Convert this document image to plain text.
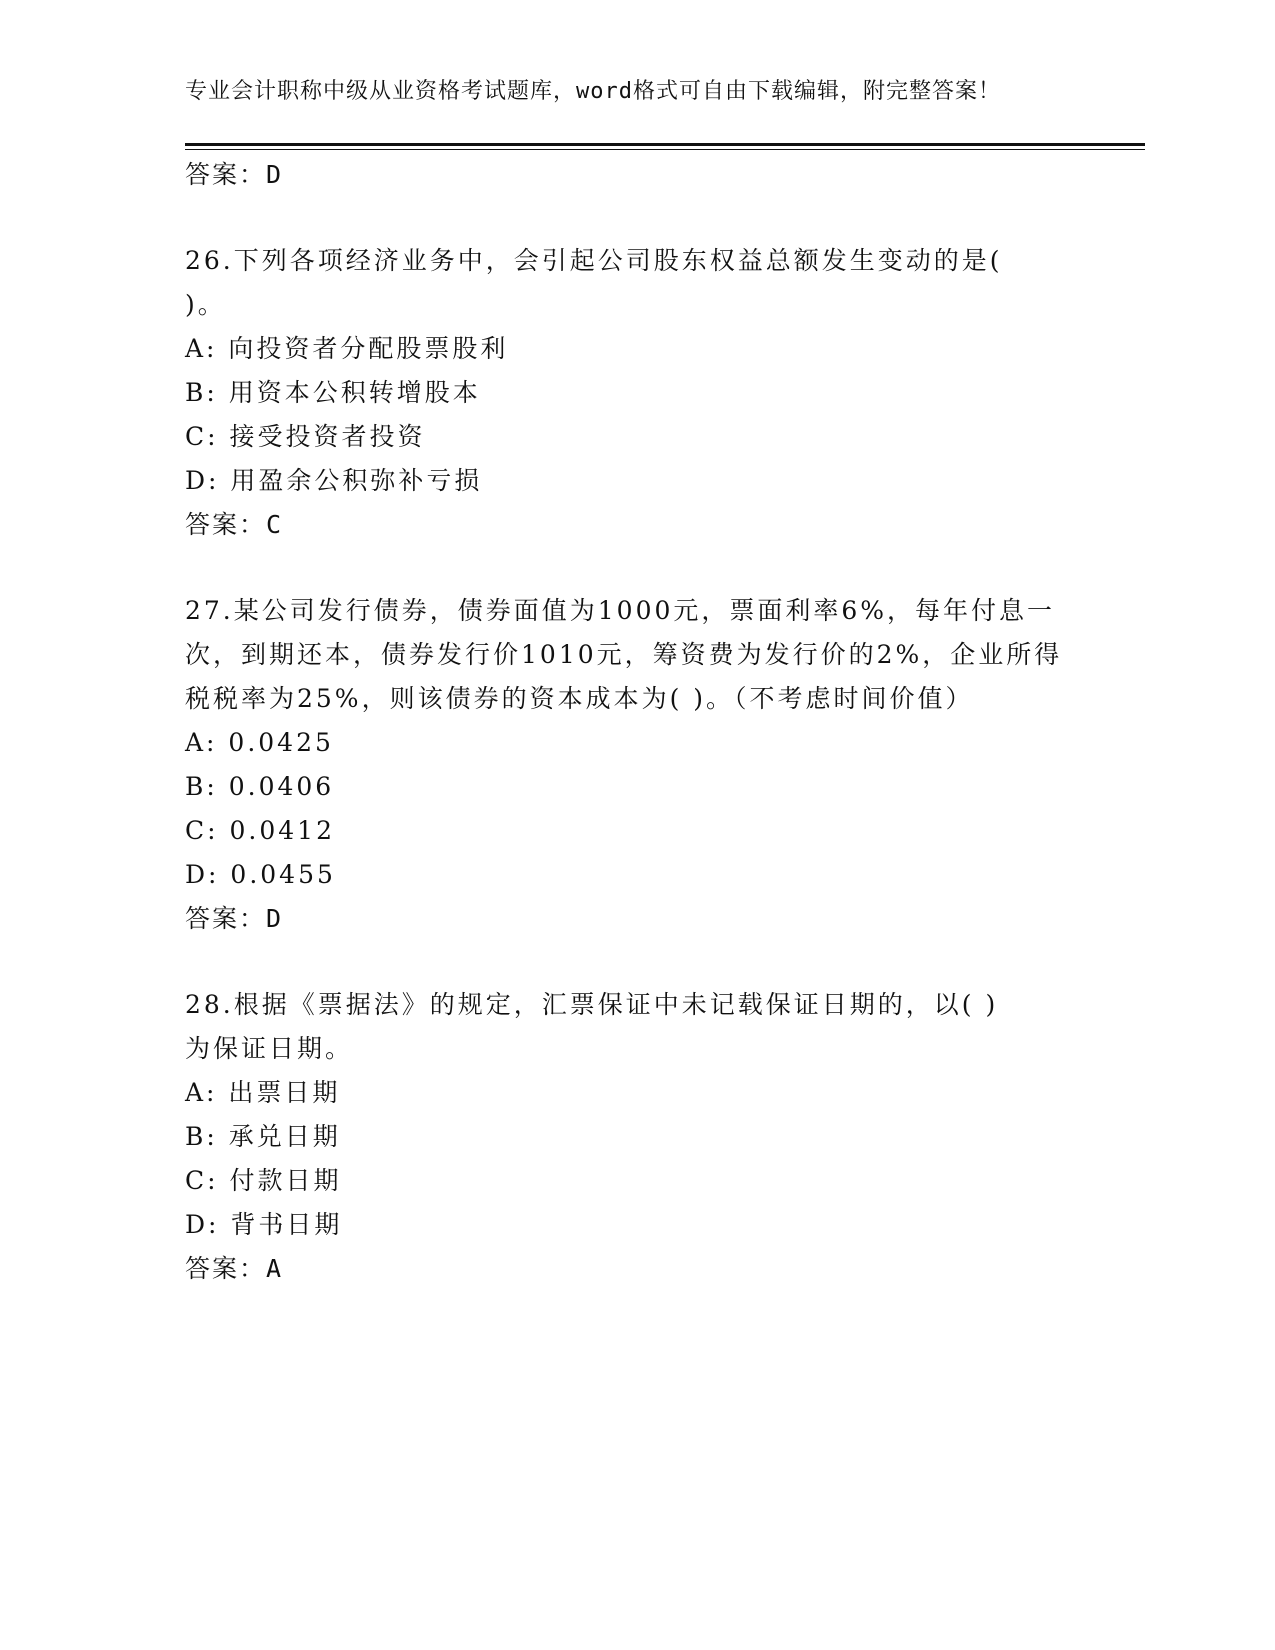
专业会计职称中级从业资格考试题库，word格式可自由下载编辑，附完整答案！
答案：D
26.下列各项经济业务中，会引起公司股东权益总额发生变动的是(
)。
A: 向投资者分配股票股利
B: 用资本公积转增股本
C: 接受投资者投资
D: 用盈余公积弥补亏损
答案：C
27.某公司发行债券，债券面值为1000元，票面利率6%，每年付息一
次，到期还本，债券发行价1010元，筹资费为发行价的2%，企业所得
税税率为25%，则该债券的资本成本为( )。（不考虑时间价值）
A: 0.0425
B: 0.0406
C: 0.0412
D: 0.0455
答案：D
28.根据《票据法》的规定，汇票保证中未记载保证日期的，以( )
为保证日期。
A: 出票日期
B: 承兑日期
C: 付款日期
D: 背书日期
答案：A
